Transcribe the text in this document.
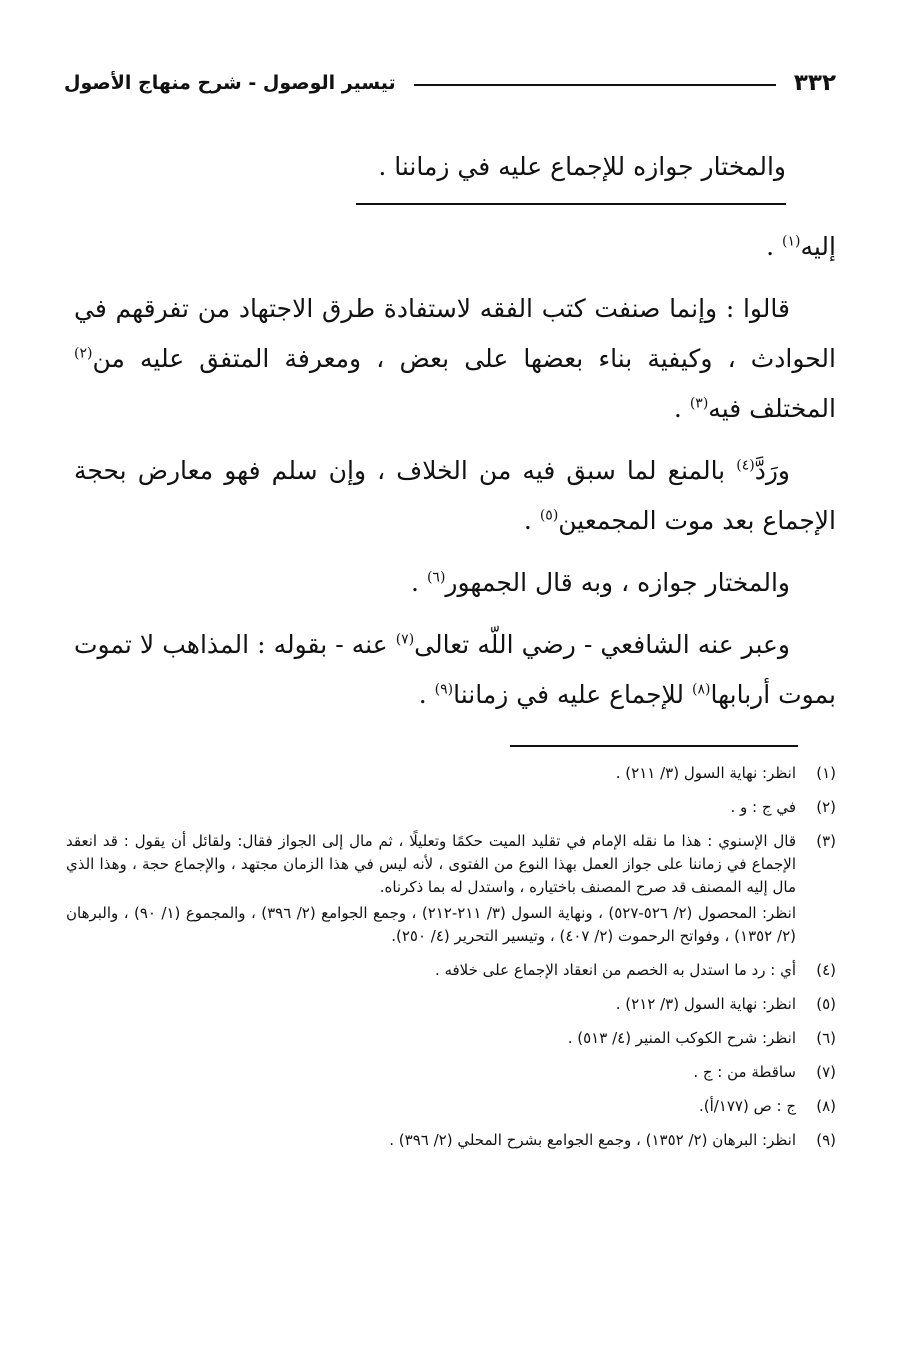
٣٣٢
تيسير الوصول - شرح منهاج الأصول
والمختار جوازه للإجماع عليه في زماننا .

إليه$^{(١)}$ .

قالوا : وإنما صنفت كتب الفقه لاستفادة طرق الاجتهاد من تفرقهم في الحوادث ، وكيفية بناء بعضها على بعض ، ومعرفة المتفق عليه من$^{(٢)}$ المختلف فيه$^{(٣)}$ .

ورَدَّ$^{(٤)}$ بالمنع لما سبق فيه من الخلاف ، وإن سلم فهو معارض بحجة الإجماع بعد موت المجمعين$^{(٥)}$ .

والمختار جوازه ، وبه قال الجمهور$^{(٦)}$ .

وعبر عنه الشافعي - رضي اللّه تعالى$^{(٧)}$ عنه - بقوله : المذاهب لا تموت بموت أربابها$^{(٨)}$ للإجماع عليه في زماننا$^{(٩)}$ .

(١)
انظر: نهاية السول (٣/ ٢١١) .
(٢)
في ج : و .
(٣)
قال الإسنوي : هذا ما نقله الإمام في تقليد الميت حكمًا وتعليلًا ، ثم مال إلى الجواز فقال: ولقائل أن يقول : قد انعقد الإجماع في زماننا على جواز العمل بهذا النوع من الفتوى ، لأنه ليس في هذا الزمان مجتهد ، والإجماع حجة ، وهذا الذي مال إليه المصنف قد صرح المصنف باختياره ، واستدل له بما ذكرناه.
انظر: المحصول (٢/ ٥٢٦-٥٢٧) ، ونهاية السول (٣/ ٢١١-٢١٢) ، وجمع الجوامع (٢/ ٣٩٦) ، والمجموع (١/ ٩٠) ، والبرهان (٢/ ١٣٥٢) ، وفواتح الرحموت (٢/ ٤٠٧) ، وتيسير التحرير (٤/ ٢٥٠).
(٤)
أي : رد ما استدل به الخصم من انعقاد الإجماع على خلافه .
(٥)
انظر: نهاية السول (٣/ ٢١٢) .
(٦)
انظر: شرح الكوكب المنير (٤/ ٥١٣) .
(٧)
ساقطة من : ج .
(٨)
ج : ص (١٧٧/أ).
(٩)
انظر: البرهان (٢/ ١٣٥٢) ، وجمع الجوامع بشرح المحلي (٢/ ٣٩٦) .
